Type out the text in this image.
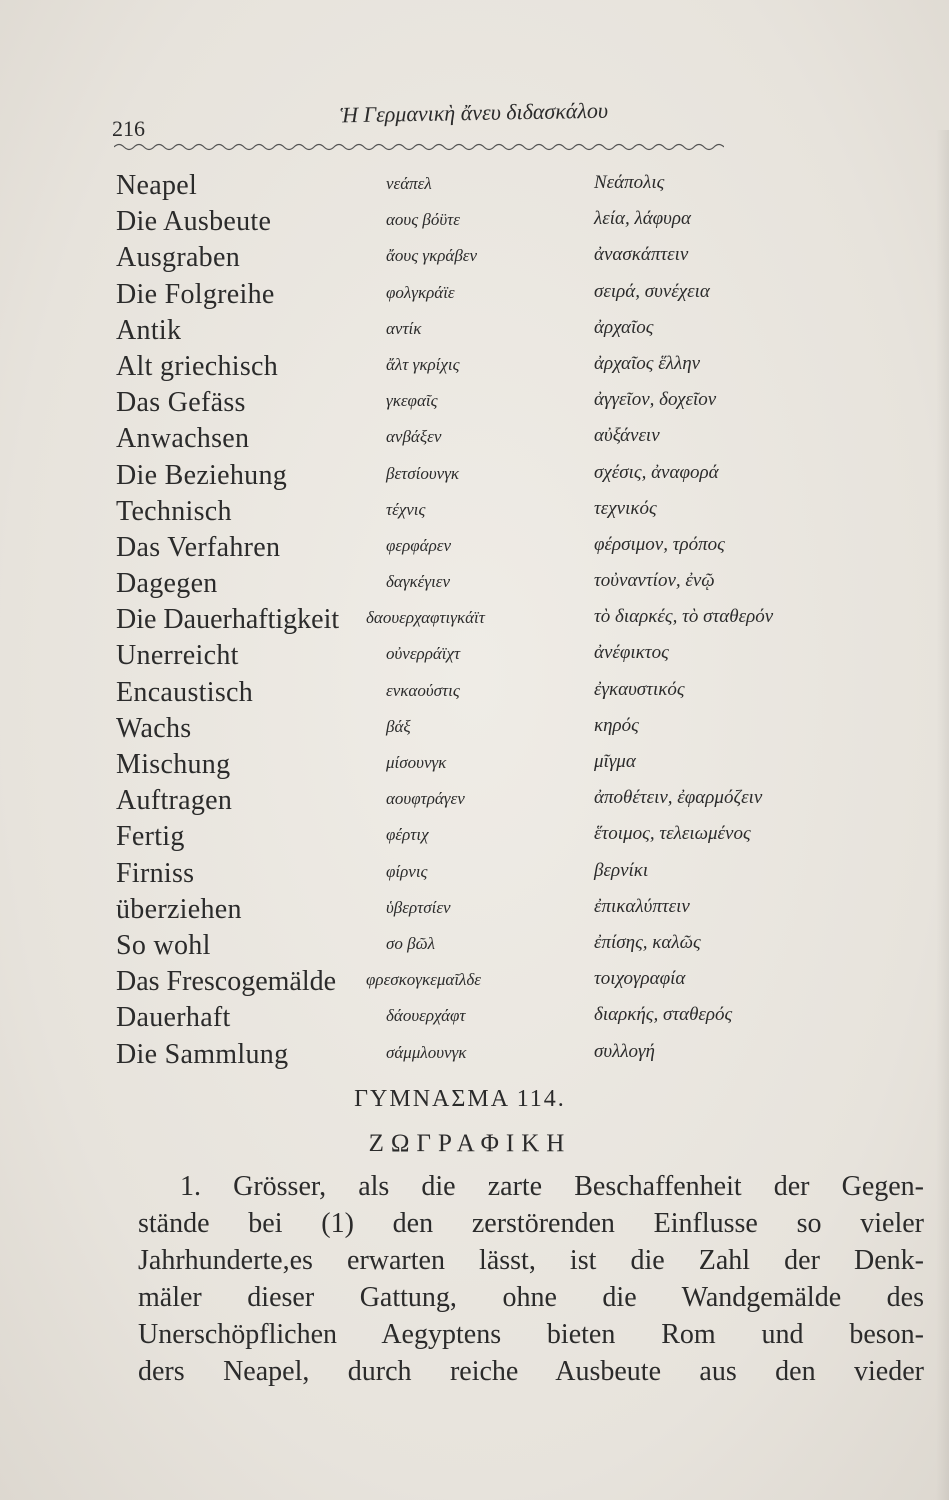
216
Ἡ Γερμανικὴ ἄνευ διδασκάλου
Neapel	νεάπελ	Νεάπολις
Die Ausbeute	αους βόϋτε	λεία, λάφυρα
Ausgraben	ἄους γκράβεν	ἀνασκάπτειν
Die Folgreihe	φολγκράϊε	σειρά, συνέχεια
Antik	αντίκ	ἀρχαῖος
Alt griechisch	ἄλτ γκρίχις	ἀρχαῖος ἕλλην
Das Gefäss	γκεφαῖς	ἀγγεῖον, δοχεῖον
Anwachsen	ανβάξεν	αὐξάνειν
Die Beziehung	βετσίουνγκ	σχέσις, ἀναφορά
Technisch	τέχνις	τεχνικός
Das Verfahren	φερφάρεν	φέρσιμον, τρόπος
Dagegen	δαγκέγιεν	τοὐναντίον, ἐνῷ
Die Dauerhaftigkeit δαουερχαφτιγκάϊτ	τὸ διαρκές, τὸ σταθερόν
Unerreicht	οὐνερράϊχτ	ἀνέφικτος
Encaustisch	ενκαούστις	ἐγκαυστικός
Wachs	βάξ	κηρός
Mischung	μίσουνγκ	μῖγμα
Auftragen	αουφτράγεν	ἀποθέτειν, ἐφαρμόζειν
Fertig	φέρτιχ	ἕτοιμος, τελειωμένος
Firniss	φίρνις	βερνίκι
überziehen	ὑβερτσίεν	ἐπικαλύπτειν
So wohl	σο βῶλ	ἐπίσης, καλῶς
Das Frescogemälde φρεσκογκεμαῖλδε	τοιχογραφία
Dauerhaft	δάουερχάφτ	διαρκής, σταθερός
Die Sammlung	σάμμλουνγκ	συλλογή
ΓΥΜΝΑΣΜΑ 114.
ΖΩΓΡΑΦΙΚΗ
1. Grösser, als die zarte Beschaffenheit der Gegen-
stände bei (1) den zerstörenden Einflusse so vieler
Jahrhunderte,es erwarten lässt, ist die Zahl der Denk-
mäler dieser Gattung, ohne die Wandgemälde des
Unerschöpflichen Aegyptens bieten Rom und beson-
ders Neapel, durch reiche Ausbeute aus den vieder
